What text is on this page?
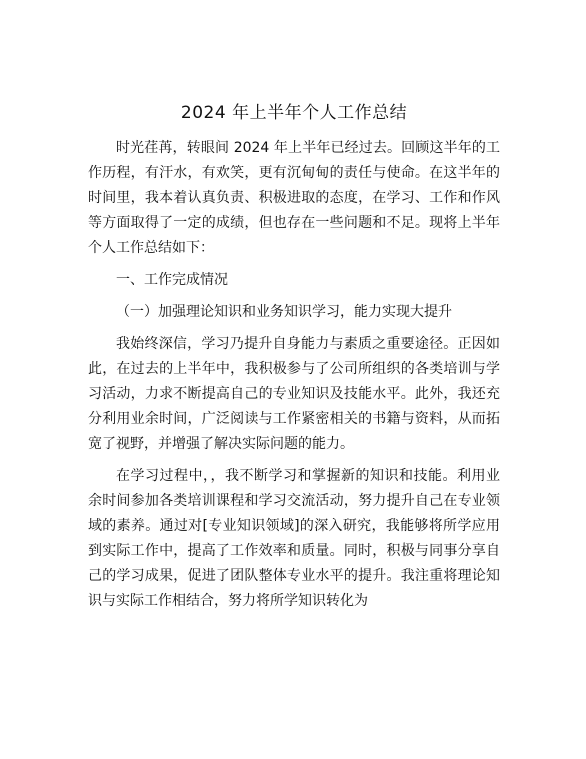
2024 年上半年个人工作总结

时光荏苒，转眼间 2024 年上半年已经过去。回顾这半年的工作历程，有汗水，有欢笑，更有沉甸甸的责任与使命。在这半年的时间里，我本着认真负责、积极进取的态度，在学习、工作和作风等方面取得了一定的成绩，但也存在一些问题和不足。现将上半年个人工作总结如下：

一、工作完成情况

（一）加强理论知识和业务知识学习，能力实现大提升

我始终深信，学习乃提升自身能力与素质之重要途径。正因如此，在过去的上半年中，我积极参与了公司所组织的各类培训与学习活动，力求不断提高自己的专业知识及技能水平。此外，我还充分利用业余时间，广泛阅读与工作紧密相关的书籍与资料，从而拓宽了视野，并增强了解决实际问题的能力。

在学习过程中，，我不断学习和掌握新的知识和技能。利用业余时间参加各类培训课程和学习交流活动，努力提升自己在专业领域的素养。通过对[专业知识领域]的深入研究，我能够将所学应用到实际工作中，提高了工作效率和质量。同时，积极与同事分享自己的学习成果，促进了团队整体专业水平的提升。我注重将理论知识与实际工作相结合，努力将所学知识转化为
